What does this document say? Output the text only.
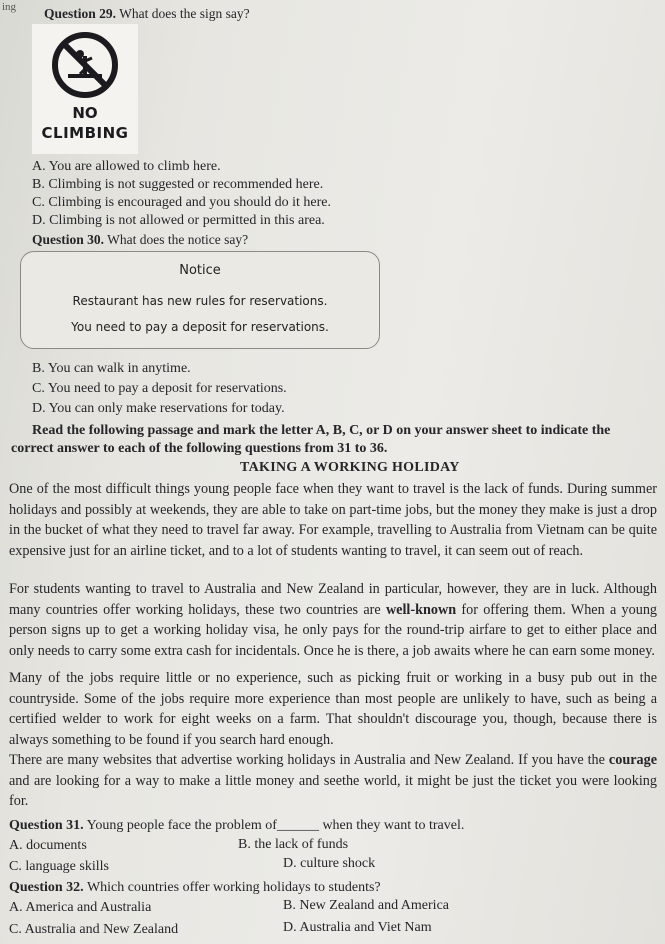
ing Question 29. What does the sign say?
NO
CLIMBING
A. You are allowed to climb here.
B. Climbing is not suggested or recommended here.
C. Climbing is encouraged and you should do it here.
D. Climbing is not allowed or permitted in this area.
Question 30. What does the notice say?
Notice
Restaurant has new rules for reservations.
You need to pay a deposit for reservations.
B. You can walk in anytime.
C. You need to pay a deposit for reservations.
D. You can only make reservations for today.
Read the following passage and mark the letter A, B, C, or D on your answer sheet to indicate the
correct answer to each of the following questions from 31 to 36.
TAKING A WORKING HOLIDAY
One of the most difficult things young people face when they want to travel is the lack of funds. During summer holidays and possibly at weekends, they are able to take on part-time jobs, but the money they make is just a drop in the bucket of what they need to travel far away. For example, travelling to Australia from Vietnam can be quite expensive just for an airline ticket, and to a lot of students wanting to travel, it can seem out of reach.
For students wanting to travel to Australia and New Zealand in particular, however, they are in luck. Although many countries offer working holidays, these two countries are well-known for offering them. When a young person signs up to get a working holiday visa, he only pays for the round-trip airfare to get to either place and only needs to carry some extra cash for incidentals. Once he is there, a job awaits where he can earn some money.
Many of the jobs require little or no experience, such as picking fruit or working in a busy pub out in the countryside. Some of the jobs require more experience than most people are unlikely to have, such as being a certified welder to work for eight weeks on a farm. That shouldn't discourage you, though, because there is always something to be found if you search hard enough.
There are many websites that advertise working holidays in Australia and New Zealand. If you have the courage and are looking for a way to make a little money and seethe world, it might be just the ticket you were looking for.
Question 31. Young people face the problem of______ when they want to travel.
A. documents	B. the lack of funds
C. language skills	D. culture shock
Question 32. Which countries offer working holidays to students?
A. America and Australia	B. New Zealand and America
C. Australia and New Zealand	D. Australia and Viet Nam
